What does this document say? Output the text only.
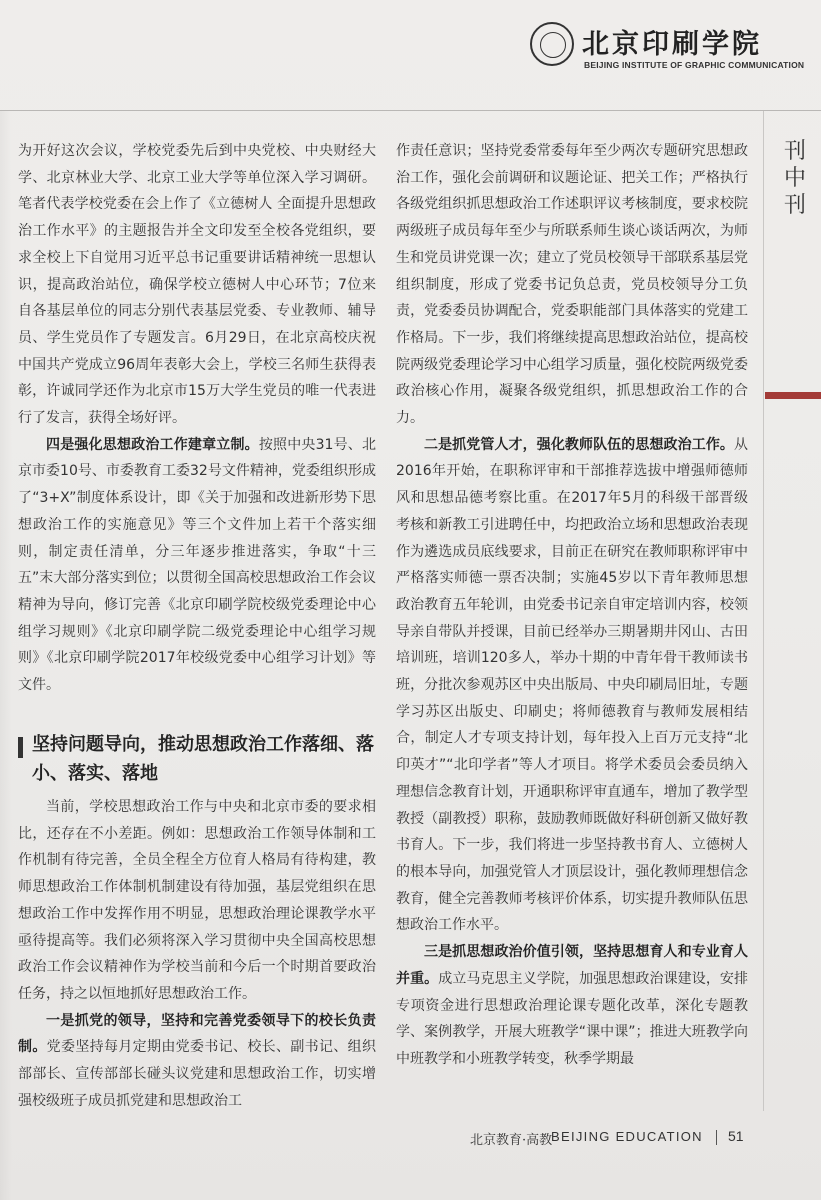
北京印刷学院
BEIJING INSTITUTE OF GRAPHIC COMMUNICATION
刊中刊

为开好这次会议，学校党委先后到中央党校、中央财经大学、北京林业大学、北京工业大学等单位深入学习调研。笔者代表学校党委在会上作了《立德树人 全面提升思想政治工作水平》的主题报告并全文印发至全校各党组织，要求全校上下自觉用习近平总书记重要讲话精神统一思想认识，提高政治站位，确保学校立德树人中心环节；7位来自各基层单位的同志分别代表基层党委、专业教师、辅导员、学生党员作了专题发言。6月29日，在北京高校庆祝中国共产党成立96周年表彰大会上，学校三名师生获得表彰，许诚同学还作为北京市15万大学生党员的唯一代表进行了发言，获得全场好评。

四是强化思想政治工作建章立制。按照中央31号、北京市委10号、市委教育工委32号文件精神，党委组织形成了“3+X”制度体系设计，即《关于加强和改进新形势下思想政治工作的实施意见》等三个文件加上若干个落实细则，制定责任清单，分三年逐步推进落实，争取“十三五”末大部分落实到位；以贯彻全国高校思想政治工作会议精神为导向，修订完善《北京印刷学院校级党委理论中心组学习规则》《北京印刷学院二级党委理论中心组学习规则》《北京印刷学院2017年校级党委中心组学习计划》等文件。

坚持问题导向，推动思想政治工作落细、落小、落实、落地

当前，学校思想政治工作与中央和北京市委的要求相比，还存在不小差距。例如：思想政治工作领导体制和工作机制有待完善，全员全程全方位育人格局有待构建，教师思想政治工作体制机制建设有待加强，基层党组织在思想政治工作中发挥作用不明显，思想政治理论课教学水平亟待提高等。我们必须将深入学习贯彻中央全国高校思想政治工作会议精神作为学校当前和今后一个时期首要政治任务，持之以恒地抓好思想政治工作。

一是抓党的领导，坚持和完善党委领导下的校长负责制。党委坚持每月定期由党委书记、校长、副书记、组织部部长、宣传部部长碰头议党建和思想政治工作，切实增强校级班子成员抓党建和思想政治工

作责任意识；坚持党委常委每年至少两次专题研究思想政治工作，强化会前调研和议题论证、把关工作；严格执行各级党组织抓思想政治工作述职评议考核制度，要求校院两级班子成员每年至少与所联系师生谈心谈话两次，为师生和党员讲党课一次；建立了党员校领导干部联系基层党组织制度，形成了党委书记负总责，党员校领导分工负责，党委委员协调配合，党委职能部门具体落实的党建工作格局。下一步，我们将继续提高思想政治站位，提高校院两级党委理论学习中心组学习质量，强化校院两级党委政治核心作用，凝聚各级党组织，抓思想政治工作的合力。

二是抓党管人才，强化教师队伍的思想政治工作。从2016年开始，在职称评审和干部推荐选拔中增强师德师风和思想品德考察比重。在2017年5月的科级干部晋级考核和新教工引进聘任中，均把政治立场和思想政治表现作为遴选成员底线要求，目前正在研究在教师职称评审中严格落实师德一票否决制；实施45岁以下青年教师思想政治教育五年轮训，由党委书记亲自审定培训内容，校领导亲自带队并授课，目前已经举办三期暑期井冈山、古田培训班，培训120多人，举办十期的中青年骨干教师读书班，分批次参观苏区中央出版局、中央印刷局旧址，专题学习苏区出版史、印刷史；将师德教育与教师发展相结合，制定人才专项支持计划，每年投入上百万元支持“北印英才”“北印学者”等人才项目。将学术委员会委员纳入理想信念教育计划，开通职称评审直通车，增加了教学型教授（副教授）职称，鼓励教师既做好科研创新又做好教书育人。下一步，我们将进一步坚持教书育人、立德树人的根本导向，加强党管人才顶层设计，强化教师理想信念教育，健全完善教师考核评价体系，切实提升教师队伍思想政治工作水平。

三是抓思想政治价值引领，坚持思想育人和专业育人并重。成立马克思主义学院，加强思想政治课建设，安排专项资金进行思想政治理论课专题化改革，深化专题教学、案例教学，开展大班教学“课中课”；推进大班教学向中班教学和小班教学转变，秋季学期最

北京教育·高教
BEIJING EDUCATION 51
